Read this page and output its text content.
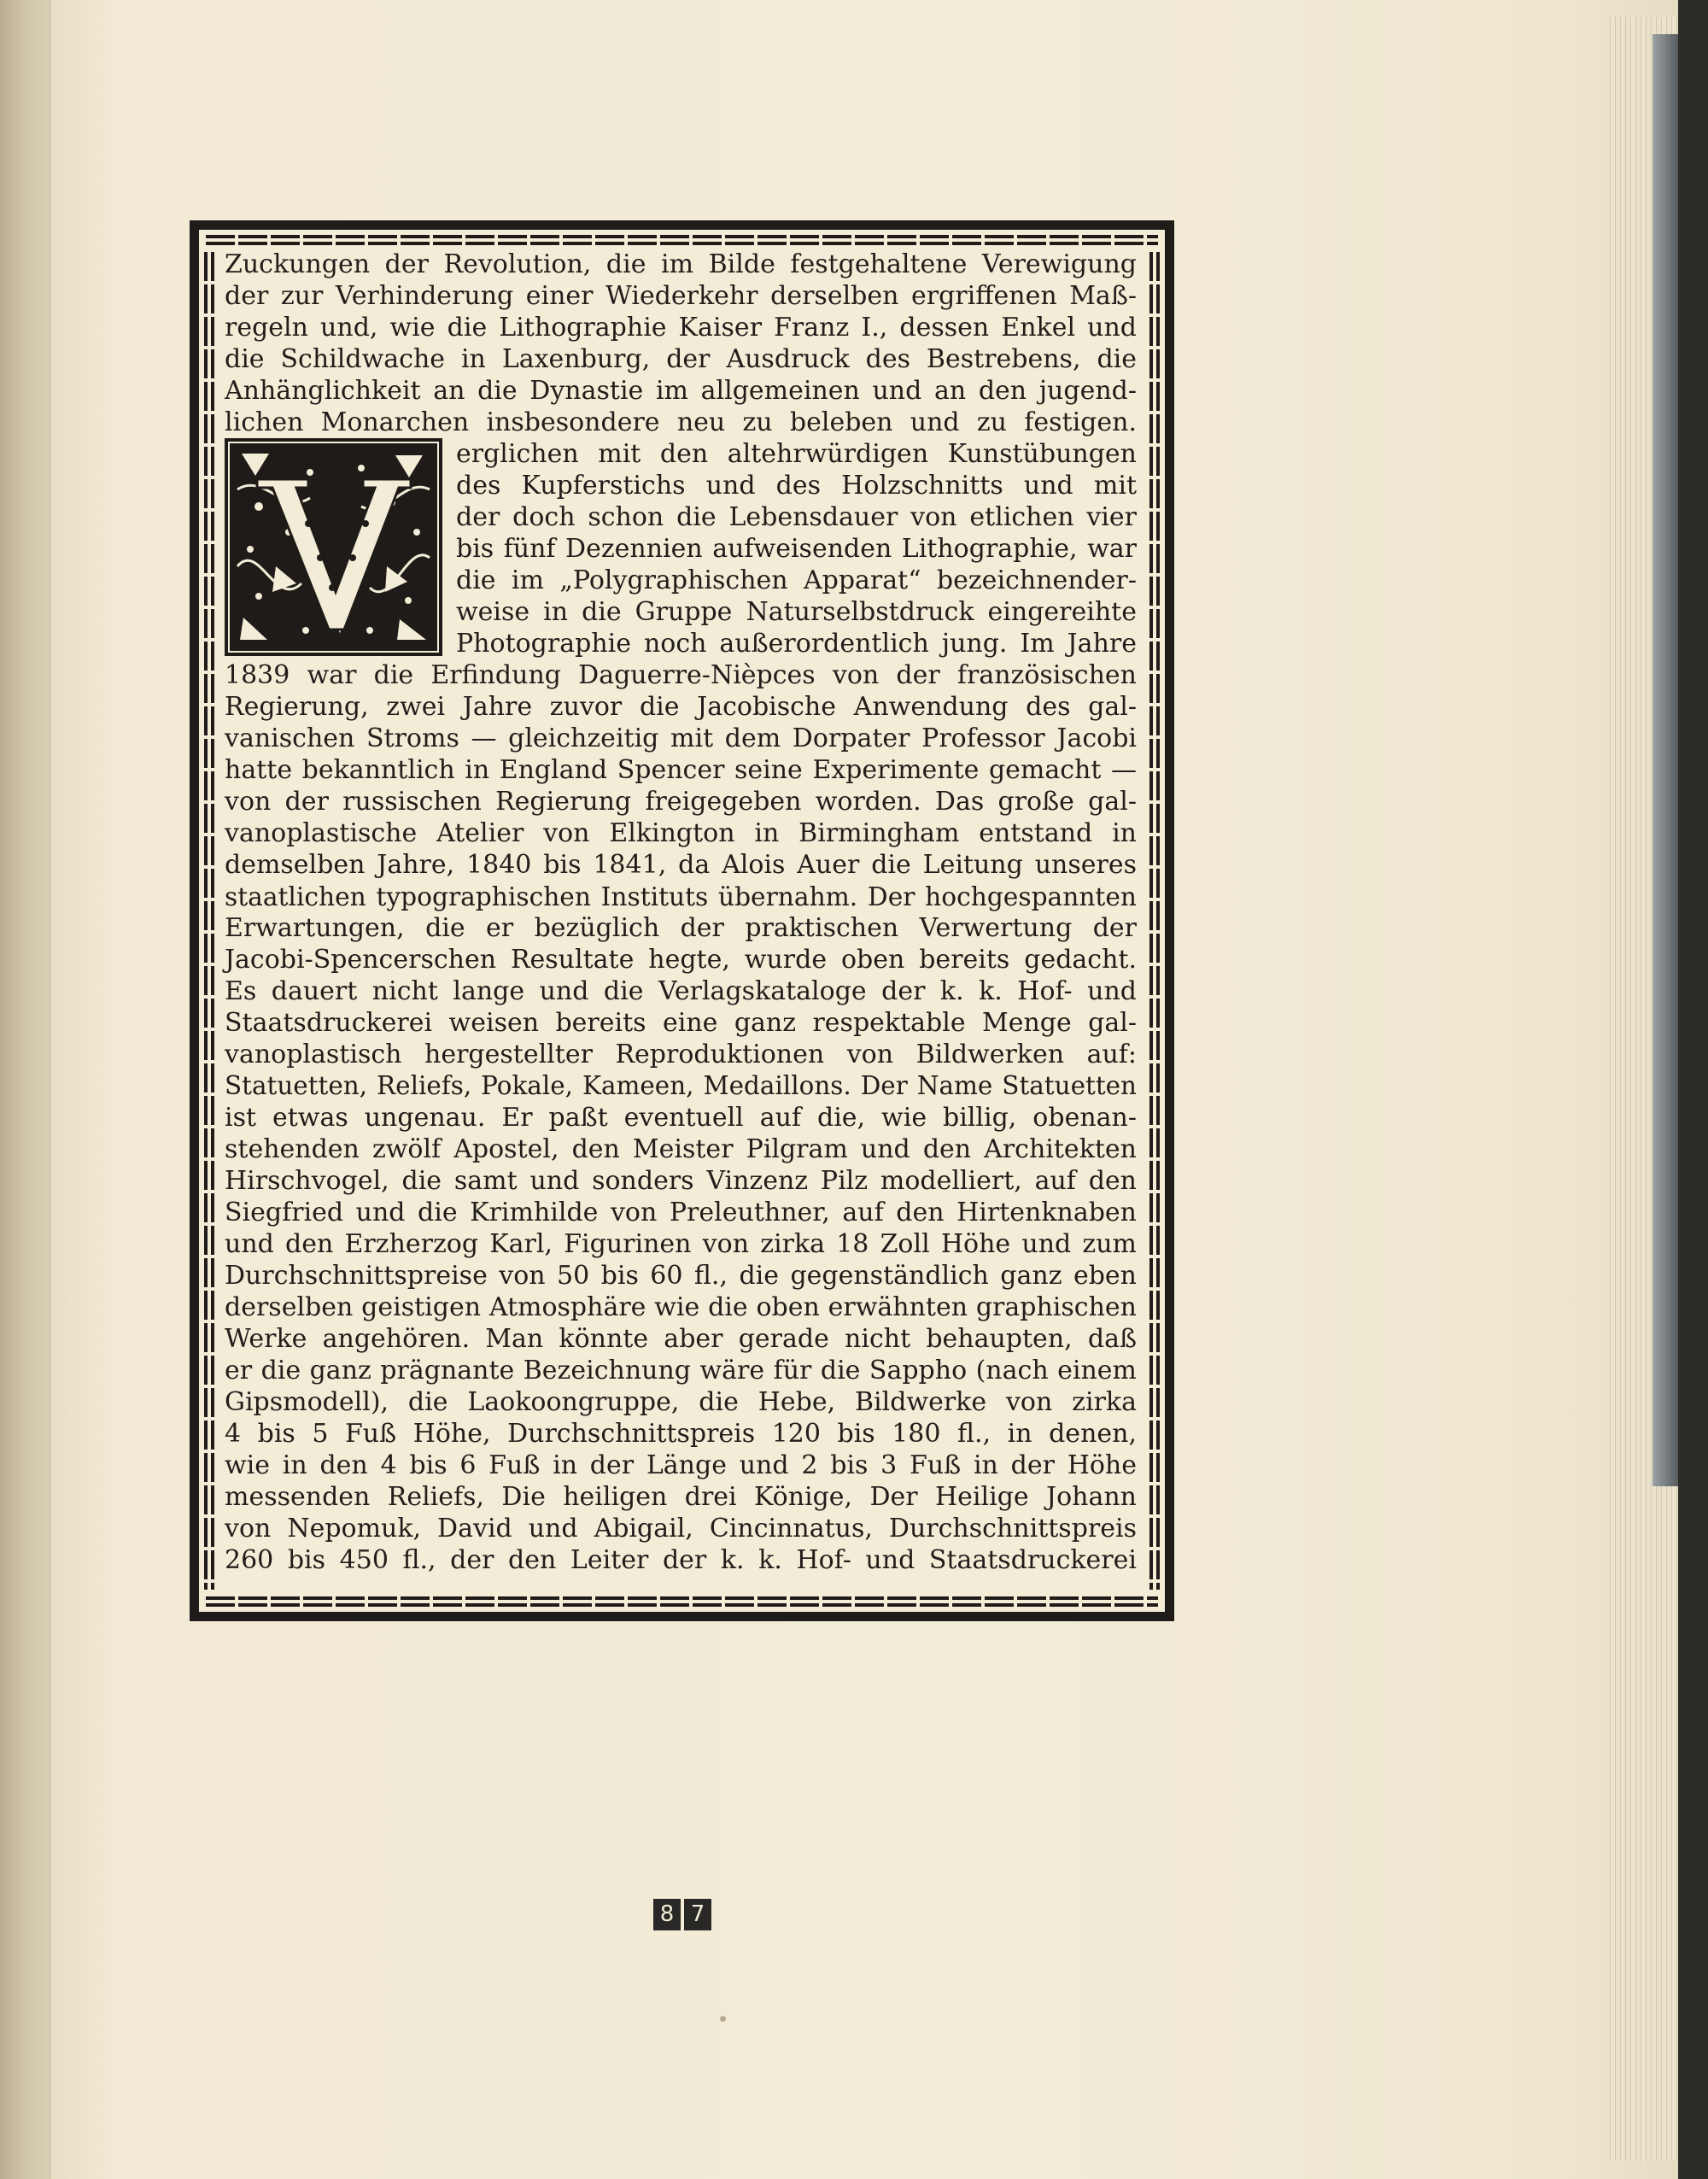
Zuckungen der Revolution, die im Bilde festgehaltene Verewigung
der zur Verhinderung einer Wiederkehr derselben ergriffenen Maß-
regeln und, wie die Lithographie Kaiser Franz I., dessen Enkel und
die Schildwache in Laxenburg, der Ausdruck des Bestrebens, die
Anhänglichkeit an die Dynastie im allgemeinen und an den jugend-
lichen Monarchen insbesondere neu zu beleben und zu festigen.
erglichen mit den altehrwürdigen Kunstübungen
des Kupferstichs und des Holzschnitts und mit
der doch schon die Lebensdauer von etlichen vier
bis fünf Dezennien aufweisenden Lithographie, war
die im „Polygraphischen Apparat“ bezeichnender-
weise in die Gruppe Naturselbstdruck eingereihte
Photographie noch außerordentlich jung. Im Jahre
1839 war die Erfindung Daguerre-Nièpces von der französischen
Regierung, zwei Jahre zuvor die Jacobische Anwendung des gal-
vanischen Stroms — gleichzeitig mit dem Dorpater Professor Jacobi
hatte bekanntlich in England Spencer seine Experimente gemacht —
von der russischen Regierung freigegeben worden. Das große gal-
vanoplastische Atelier von Elkington in Birmingham entstand in
demselben Jahre, 1840 bis 1841, da Alois Auer die Leitung unseres
staatlichen typographischen Instituts übernahm. Der hochgespannten
Erwartungen, die er bezüglich der praktischen Verwertung der
Jacobi-Spencerschen Resultate hegte, wurde oben bereits gedacht.
Es dauert nicht lange und die Verlagskataloge der k. k. Hof- und
Staatsdruckerei weisen bereits eine ganz respektable Menge gal-
vanoplastisch hergestellter Reproduktionen von Bildwerken auf:
Statuetten, Reliefs, Pokale, Kameen, Medaillons. Der Name Statuetten
ist etwas ungenau. Er paßt eventuell auf die, wie billig, obenan-
stehenden zwölf Apostel, den Meister Pilgram und den Architekten
Hirschvogel, die samt und sonders Vinzenz Pilz modelliert, auf den
Siegfried und die Krimhilde von Preleuthner, auf den Hirtenknaben
und den Erzherzog Karl, Figurinen von zirka 18 Zoll Höhe und zum
Durchschnittspreise von 50 bis 60 fl., die gegenständlich ganz eben
derselben geistigen Atmosphäre wie die oben erwähnten graphischen
Werke angehören. Man könnte aber gerade nicht behaupten, daß
er die ganz prägnante Bezeichnung wäre für die Sappho (nach einem
Gipsmodell), die Laokoongruppe, die Hebe, Bildwerke von zirka
4 bis 5 Fuß Höhe, Durchschnittspreis 120 bis 180 fl., in denen,
wie in den 4 bis 6 Fuß in der Länge und 2 bis 3 Fuß in der Höhe
messenden Reliefs, Die heiligen drei Könige, Der Heilige Johann
von Nepomuk, David und Abigail, Cincinnatus, Durchschnittspreis
260 bis 450 fl., der den Leiter der k. k. Hof- und Staatsdruckerei
8 7
